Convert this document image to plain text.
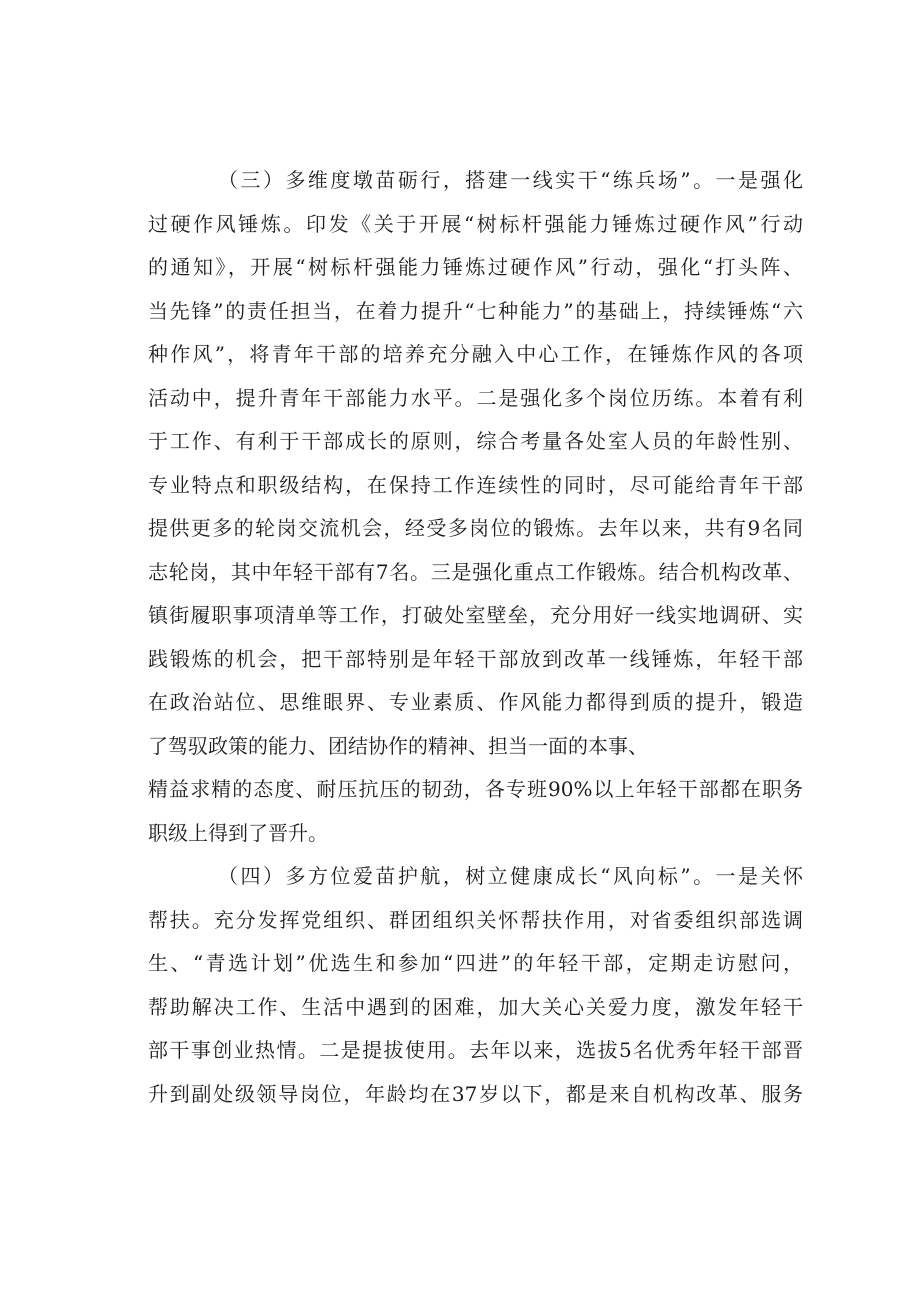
（三）多维度墩苗砺行，搭建一线实干“练兵场”。一是强化
过硬作风锤炼。印发《关于开展“树标杆强能力锤炼过硬作风”行动
的通知》，开展“树标杆强能力锤炼过硬作风”行动，强化“打头阵、
当先锋”的责任担当，在着力提升“七种能力”的基础上，持续锤炼“六
种作风”，将青年干部的培养充分融入中心工作，在锤炼作风的各项
活动中，提升青年干部能力水平。二是强化多个岗位历练。本着有利
于工作、有利于干部成长的原则，综合考量各处室人员的年龄性别、
专业特点和职级结构，在保持工作连续性的同时，尽可能给青年干部
提供更多的轮岗交流机会，经受多岗位的锻炼。去年以来，共有9名同
志轮岗，其中年轻干部有7名。三是强化重点工作锻炼。结合机构改革、
镇街履职事项清单等工作，打破处室壁垒，充分用好一线实地调研、实
践锻炼的机会，把干部特别是年轻干部放到改革一线锤炼，年轻干部
在政治站位、思维眼界、专业素质、作风能力都得到质的提升，锻造
了驾驭政策的能力、团结协作的精神、担当一面的本事、
精益求精的态度、耐压抗压的韧劲，各专班90%以上年轻干部都在职务
职级上得到了晋升。
（四）多方位爱苗护航，树立健康成长“风向标”。一是关怀
帮扶。充分发挥党组织、群团组织关怀帮扶作用，对省委组织部选调
生、“青选计划”优选生和参加“四进”的年轻干部，定期走访慰问，
帮助解决工作、生活中遇到的困难，加大关心关爱力度，激发年轻干
部干事创业热情。二是提拔使用。去年以来，选拔5名优秀年轻干部晋
升到副处级领导岗位，年龄均在37岁以下，都是来自机构改革、服务
